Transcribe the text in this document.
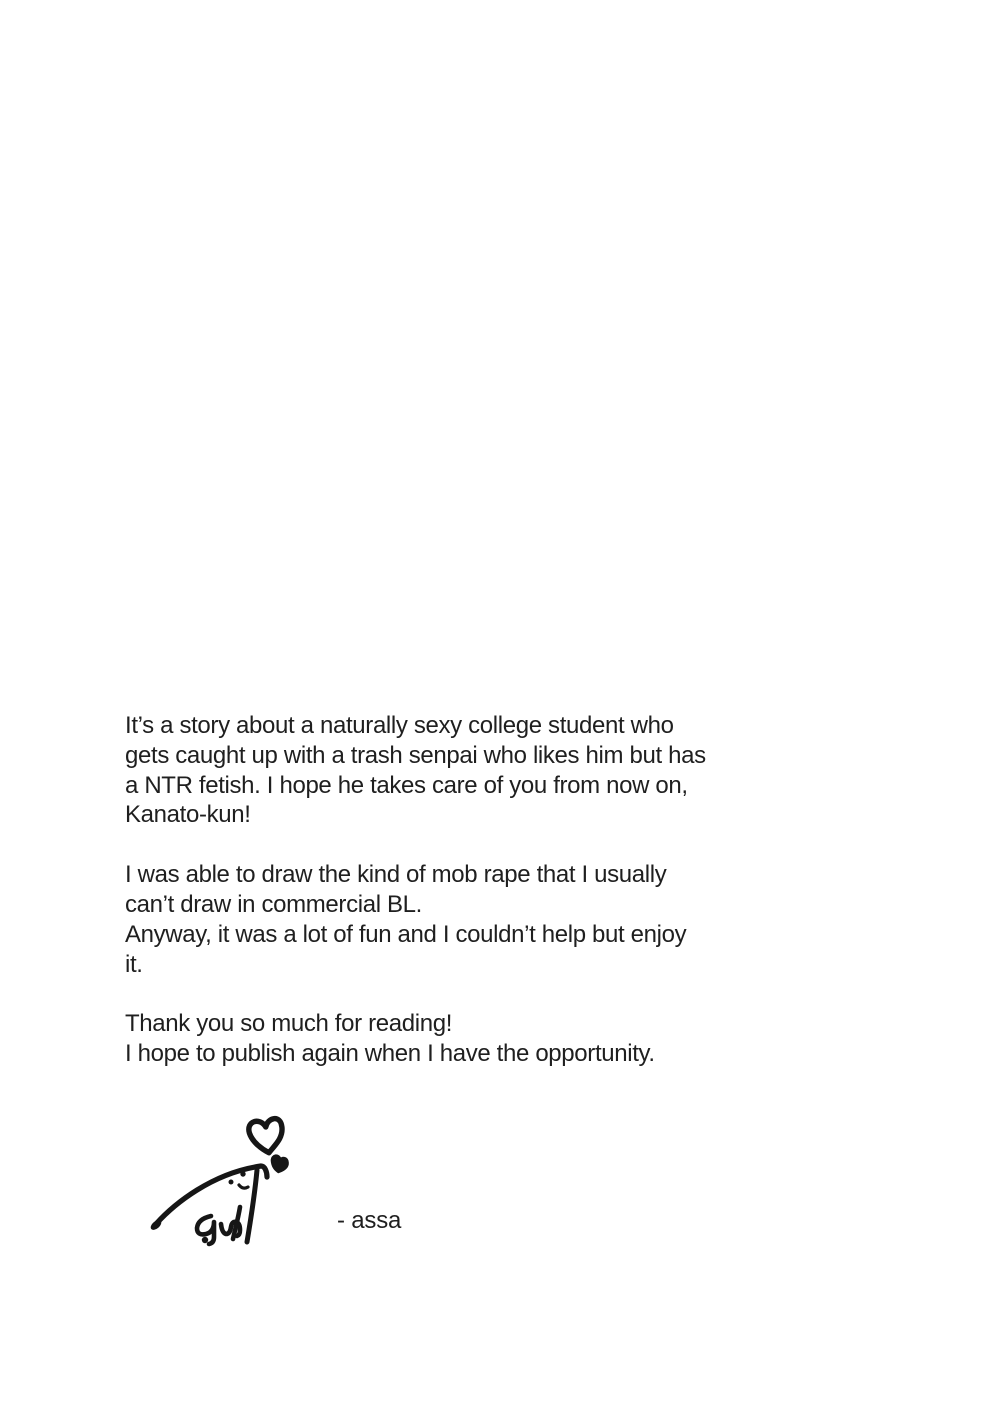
It’s a story about a naturally sexy college student who
gets caught up with a trash senpai who likes him but has
a NTR fetish. I hope he takes care of you from now on,
Kanato-kun!

I was able to draw the kind of mob rape that I usually
can’t draw in commercial BL.
Anyway, it was a lot of fun and I couldn’t help but enjoy
it.

Thank you so much for reading!
I hope to publish again when I have the opportunity.

- assa
